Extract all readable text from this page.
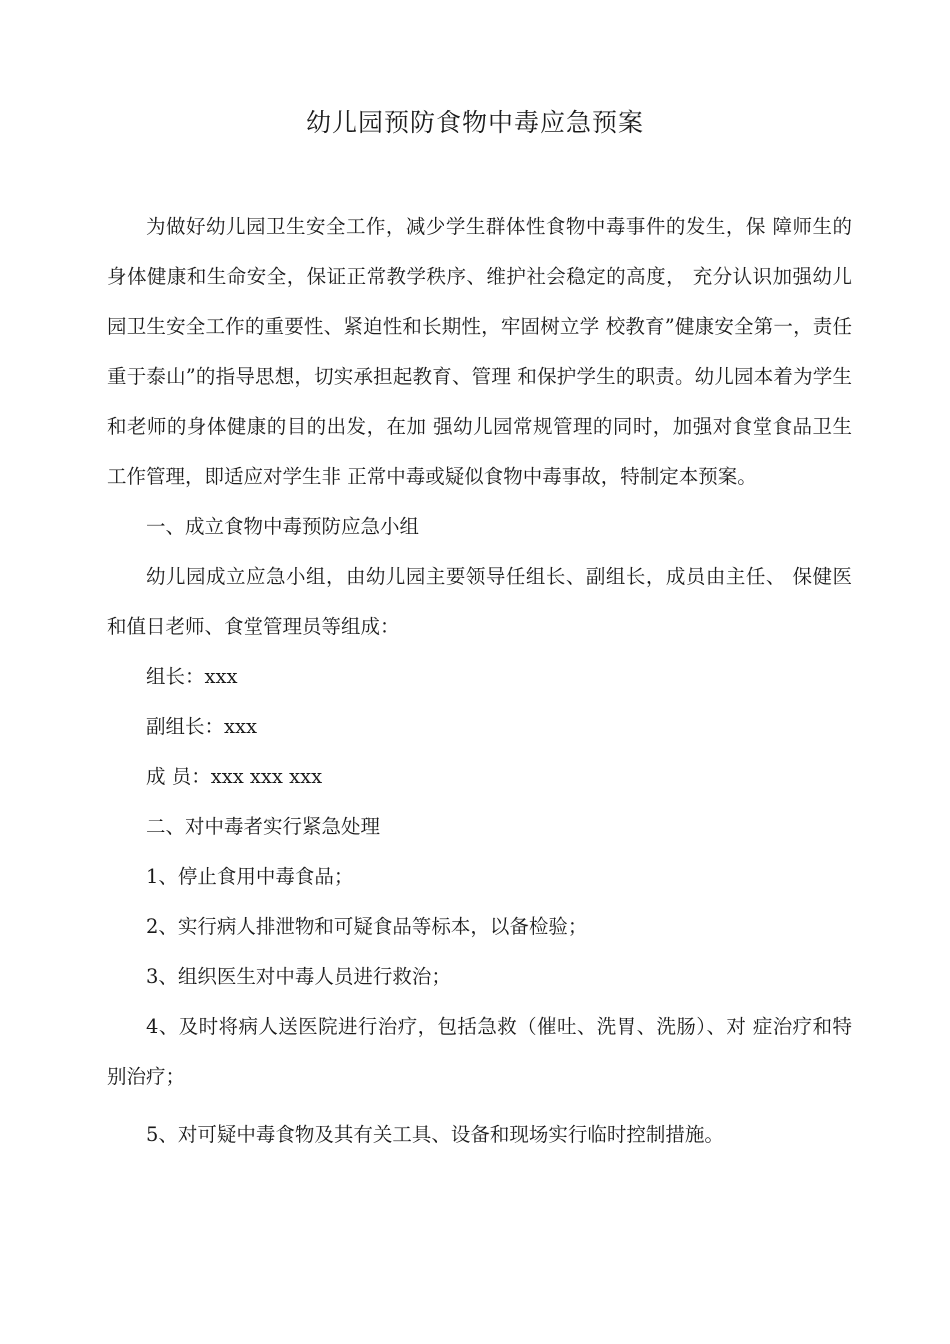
幼儿园预防食物中毒应急预案

为做好幼儿园卫生安全工作，减少学生群体性食物中毒事件的发生，保 障师生的身体健康和生命安全，保证正常教学秩序、维护社会稳定的高度， 充分认识加强幼儿园卫生安全工作的重要性、紧迫性和长期性，牢固树立学 校教育”健康安全第一，责任重于泰山”的指导思想，切实承担起教育、管理 和保护学生的职责。幼儿园本着为学生和老师的身体健康的目的出发，在加 强幼儿园常规管理的同时，加强对食堂食品卫生工作管理，即适应对学生非 正常中毒或疑似食物中毒事故，特制定本预案。

一、成立食物中毒预防应急小组

幼儿园成立应急小组，由幼儿园主要领导任组长、副组长，成员由主任、 保健医和值日老师、食堂管理员等组成：

组长：xxx

副组长：xxx

成 员：xxx xxx xxx

二、对中毒者实行紧急处理

1、停止食用中毒食品；

2、实行病人排泄物和可疑食品等标本，以备检验；

3、组织医生对中毒人员进行救治；

4、及时将病人送医院进行治疗，包括急救（催吐、洗胃、洗肠）、对 症治疗和特别治疗；

5、对可疑中毒食物及其有关工具、设备和现场实行临时控制措施。
